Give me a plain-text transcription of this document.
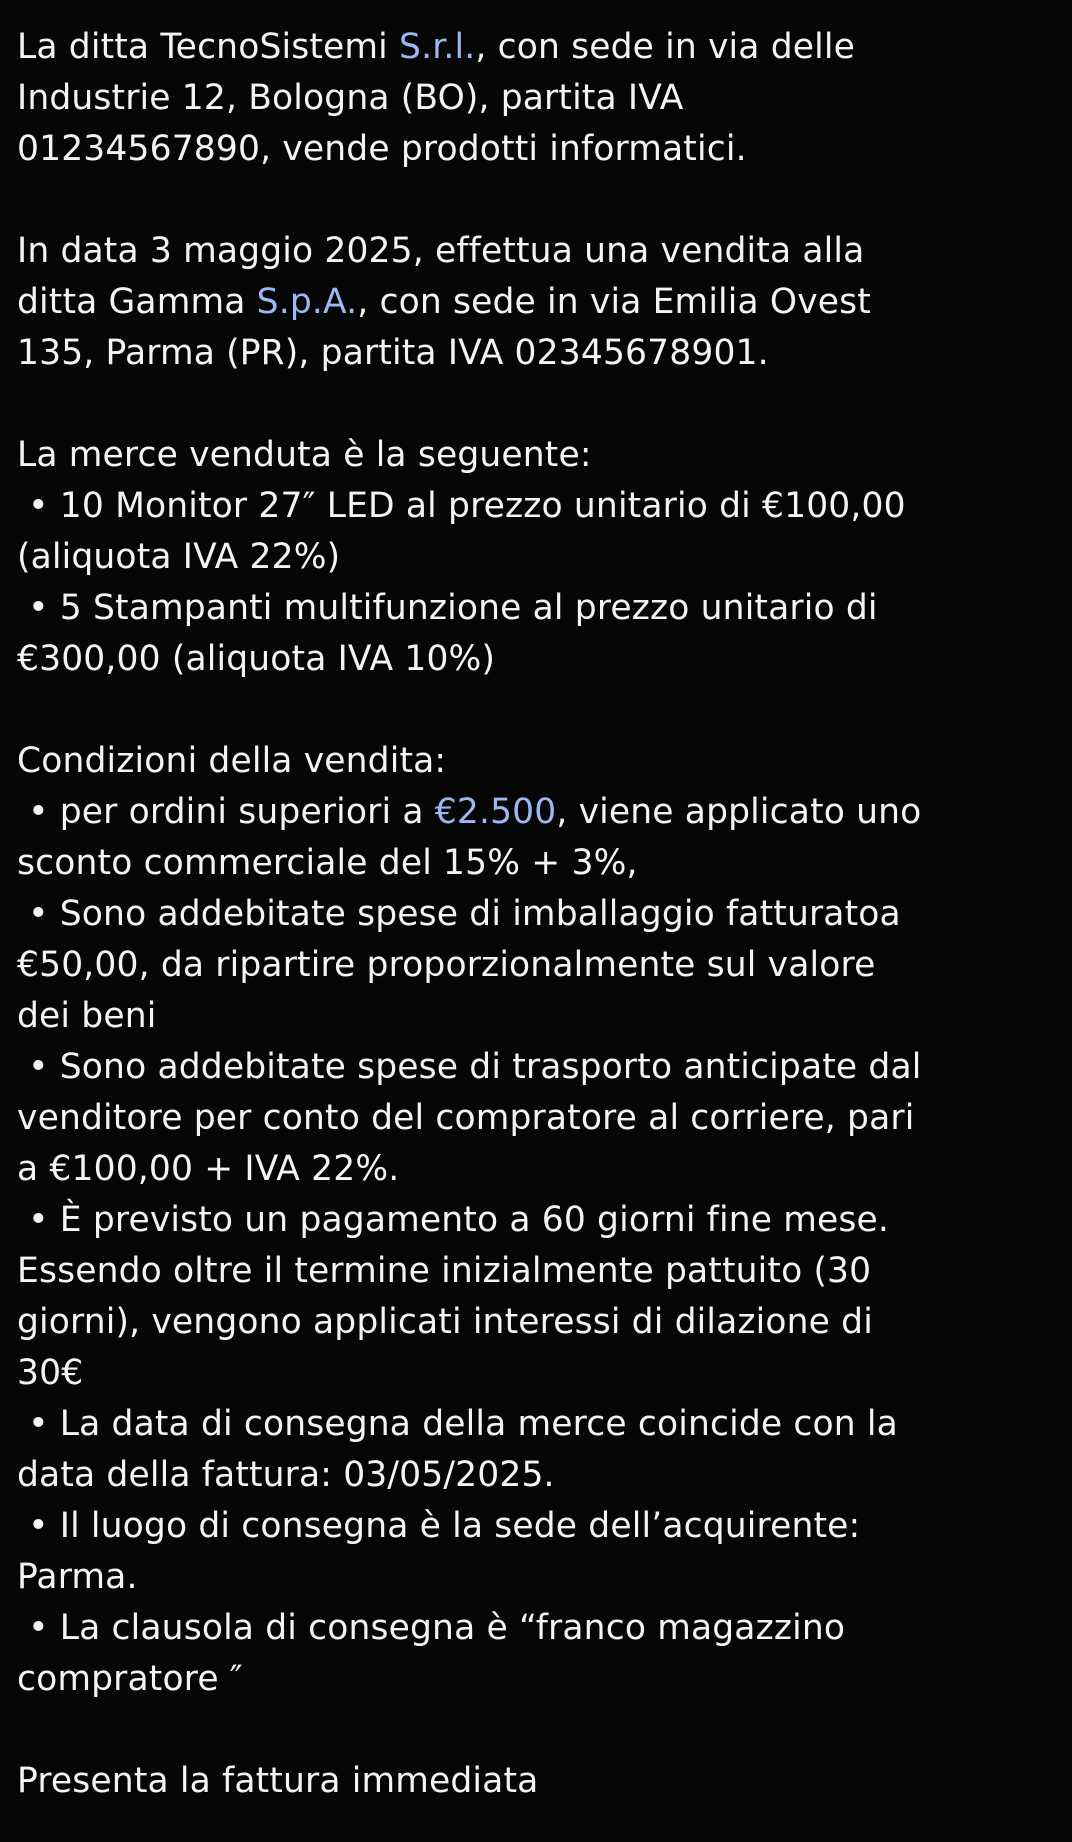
La ditta TecnoSistemi S.r.l., con sede in via delle
Industrie 12, Bologna (BO), partita IVA
01234567890, vende prodotti informatici.
In data 3 maggio 2025, effettua una vendita alla
ditta Gamma S.p.A., con sede in via Emilia Ovest
135, Parma (PR), partita IVA 02345678901.
La merce venduta è la seguente:
• 10 Monitor 27″ LED al prezzo unitario di €100,00
(aliquota IVA 22%)
• 5 Stampanti multifunzione al prezzo unitario di
€300,00 (aliquota IVA 10%)
Condizioni della vendita:
• per ordini superiori a €2.500, viene applicato uno
sconto commerciale del 15% + 3%,
• Sono addebitate spese di imballaggio fatturatoa
€50,00, da ripartire proporzionalmente sul valore
dei beni
• Sono addebitate spese di trasporto anticipate dal
venditore per conto del compratore al corriere, pari
a €100,00 + IVA 22%.
• È previsto un pagamento a 60 giorni fine mese.
Essendo oltre il termine inizialmente pattuito (30
giorni), vengono applicati interessi di dilazione di
30€
• La data di consegna della merce coincide con la
data della fattura: 03/05/2025.
• Il luogo di consegna è la sede dell’acquirente:
Parma.
• La clausola di consegna è “franco magazzino
compratore ″
Presenta la fattura immediata
